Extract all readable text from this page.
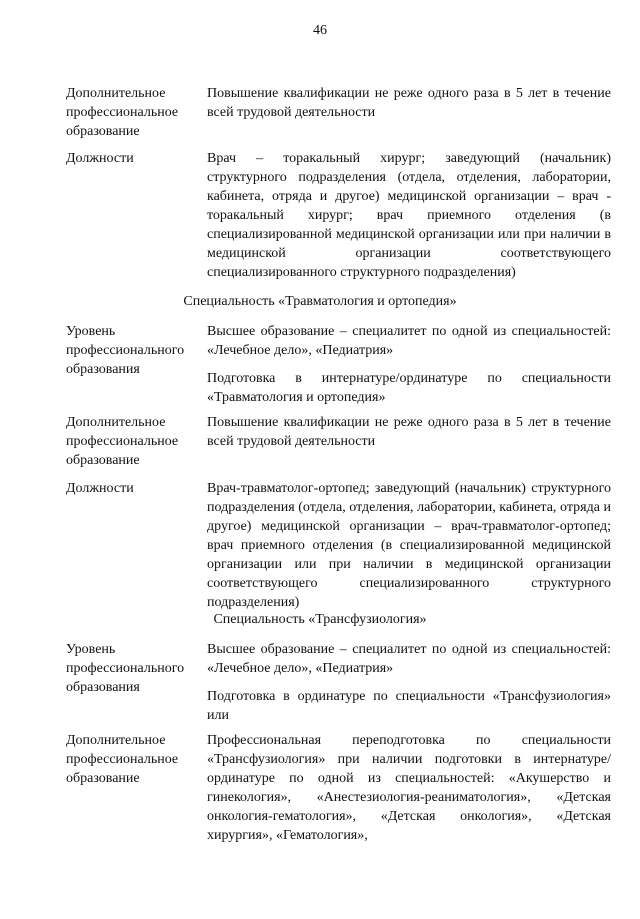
46
Дополнительное профессиональное образование

Повышение квалификации не реже одного раза в 5 лет в течение всей трудовой деятельности

Должности	Врач – торакальный хирург; заведующий (начальник) структурного подразделения (отдела, отделения, лаборатории, кабинета, отряда и другое) медицинской организации – врач - торакальный хирург; врач приемного отделения (в специализированной медицинской организации или при наличии в медицинской организации соответствующего специализированного структурного подразделения)

Специальность «Травматология и ортопедия»
Уровень профессионального образования

Высшее образование – специалитет по одной из специальностей: «Лечебное дело», «Педиатрия»

Подготовка в интернатуре/ординатуре по специальности «Травматология и ортопедия»

Дополнительное профессиональное образование

Повышение квалификации не реже одного раза в 5 лет в течение всей трудовой деятельности

Должности	Врач-травматолог-ортопед; заведующий (начальник) структурного подразделения (отдела, отделения, лаборатории, кабинета, отряда и другое) медицинской организации – врач-травматолог-ортопед; врач приемного отделения (в специализированной медицинской организации или при наличии в медицинской организации соответствующего специализированного структурного подразделения)

Специальность «Трансфузиология»
Уровень профессионального образования

Высшее образование – специалитет по одной из специальностей: «Лечебное дело», «Педиатрия»

Подготовка в ординатуре по специальности «Трансфузиология» или

Дополнительное профессиональное образование

Профессиональная переподготовка по специальности «Трансфузиология» при наличии подготовки в интернатуре/ординатуре по одной из специальностей: «Акушерство и гинекология», «Анестезиология-реаниматология», «Детская онкология-гематология», «Детская онкология», «Детская хирургия», «Гематология»,
